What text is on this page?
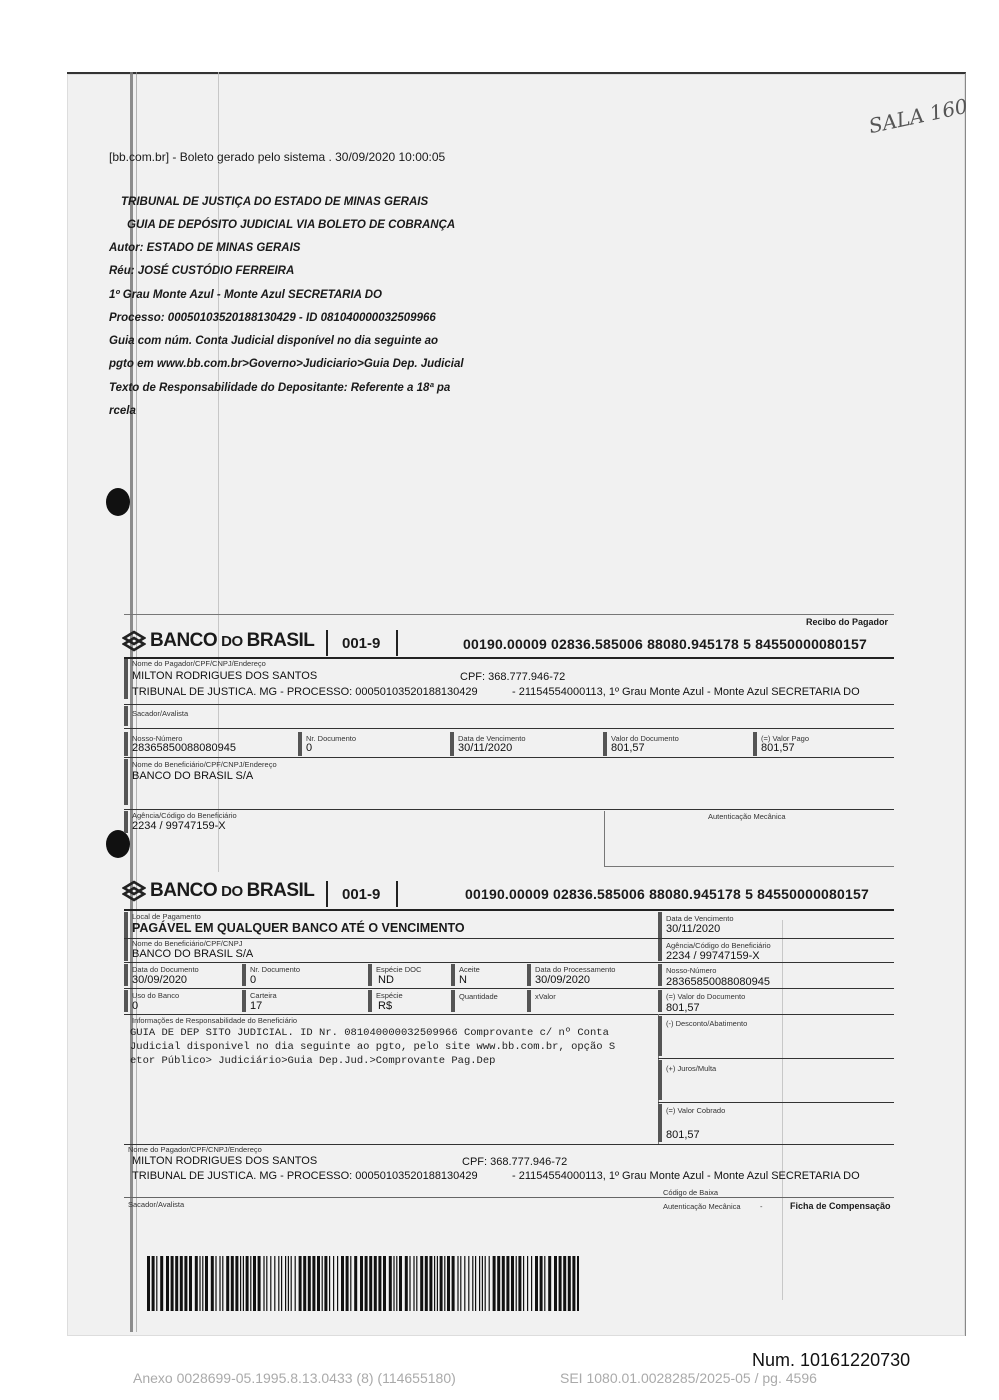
[bb.com.br] - Boleto gerado pelo sistema . 30/09/2020 10:00:05
SALA 160
TRIBUNAL DE JUSTIÇA DO ESTADO DE MINAS GERAIS
GUIA DE DEPÓSITO JUDICIAL VIA BOLETO DE COBRANÇA
Autor: ESTADO DE MINAS GERAIS
Réu: JOSÉ CUSTÓDIO FERREIRA
1º Grau Monte Azul - Monte Azul SECRETARIA DO
Processo: 00050103520188130429 - ID 081040000032509966
Guia com núm. Conta Judicial disponível no dia seguinte ao
pgto em www.bb.com.br>Governo>Judiciario>Guia Dep. Judicial
Texto de Responsabilidade do Depositante: Referente a 18ª pa
rcela
Recibo do Pagador
BANCO DO BRASIL 001-9	00190.00009 02836.585006 88080.945178 5 84550000080157
Nome do Pagador/CPF/CNPJ/Endereço
MILTON RODRIGUES DOS SANTOS	CPF: 368.777.946-72
TRIBUNAL DE JUSTICA. MG - PROCESSO: 00050103520188130429	- 21154554000113, 1º Grau Monte Azul - Monte Azul SECRETARIA DO
Sacador/Avalista
Nosso-Número
28365850088080945
Nr. Documento
0
Data de Vencimento
30/11/2020
Valor do Documento
801,57
(=) Valor Pago
801,57
Nome do Beneficiário/CPF/CNPJ/Endereço
BANCO DO BRASIL S/A
Agência/Código do Beneficiário
2234 / 99747159-X
Autenticação Mecânica
BANCO DO BRASIL 001-9	00190.00009 02836.585006 88080.945178 5 84550000080157
Local de Pagamento
PAGÁVEL EM QUALQUER BANCO ATÉ O VENCIMENTO
Data de Vencimento
30/11/2020
Nome do Beneficiário/CPF/CNPJ
BANCO DO BRASIL S/A
Agência/Código do Beneficiário
2234 / 99747159-X
Data do Documento
30/09/2020
Nr. Documento
0
Espécie DOC
ND
Aceite
N
Data do Processamento
30/09/2020
Nosso-Número
28365850088080945
Uso do Banco
0
Carteira
17
Espécie
R$
Quantidade	xValor	(=) Valor do Documento
801,57
Informações de Responsabilidade do Beneficiário
GUIA DE DEP SITO JUDICIAL. ID Nr. 081040000032509966 Comprovante c/ nº Conta
Judicial disponivel no dia seguinte ao pgto, pelo site www.bb.com.br, opção S
etor Público> Judiciário>Guia Dep.Jud.>Comprovante Pag.Dep
(-) Desconto/Abatimento
(+) Juros/Multa
(=) Valor Cobrado
801,57
Nome do Pagador/CPF/CNPJ/Endereço
MILTON RODRIGUES DOS SANTOS	CPF: 368.777.946-72
TRIBUNAL DE JUSTICA. MG - PROCESSO: 00050103520188130429	- 21154554000113, 1º Grau Monte Azul - Monte Azul SECRETARIA DO
Código de Baixa
Sacador/Avalista	Autenticação Mecânica	-	Ficha de Compensação
Num. 10161220730
Anexo 0028699-05.1995.8.13.0433 (8) (114655180)	SEI 1080.01.0028285/2025-05 / pg. 4596
